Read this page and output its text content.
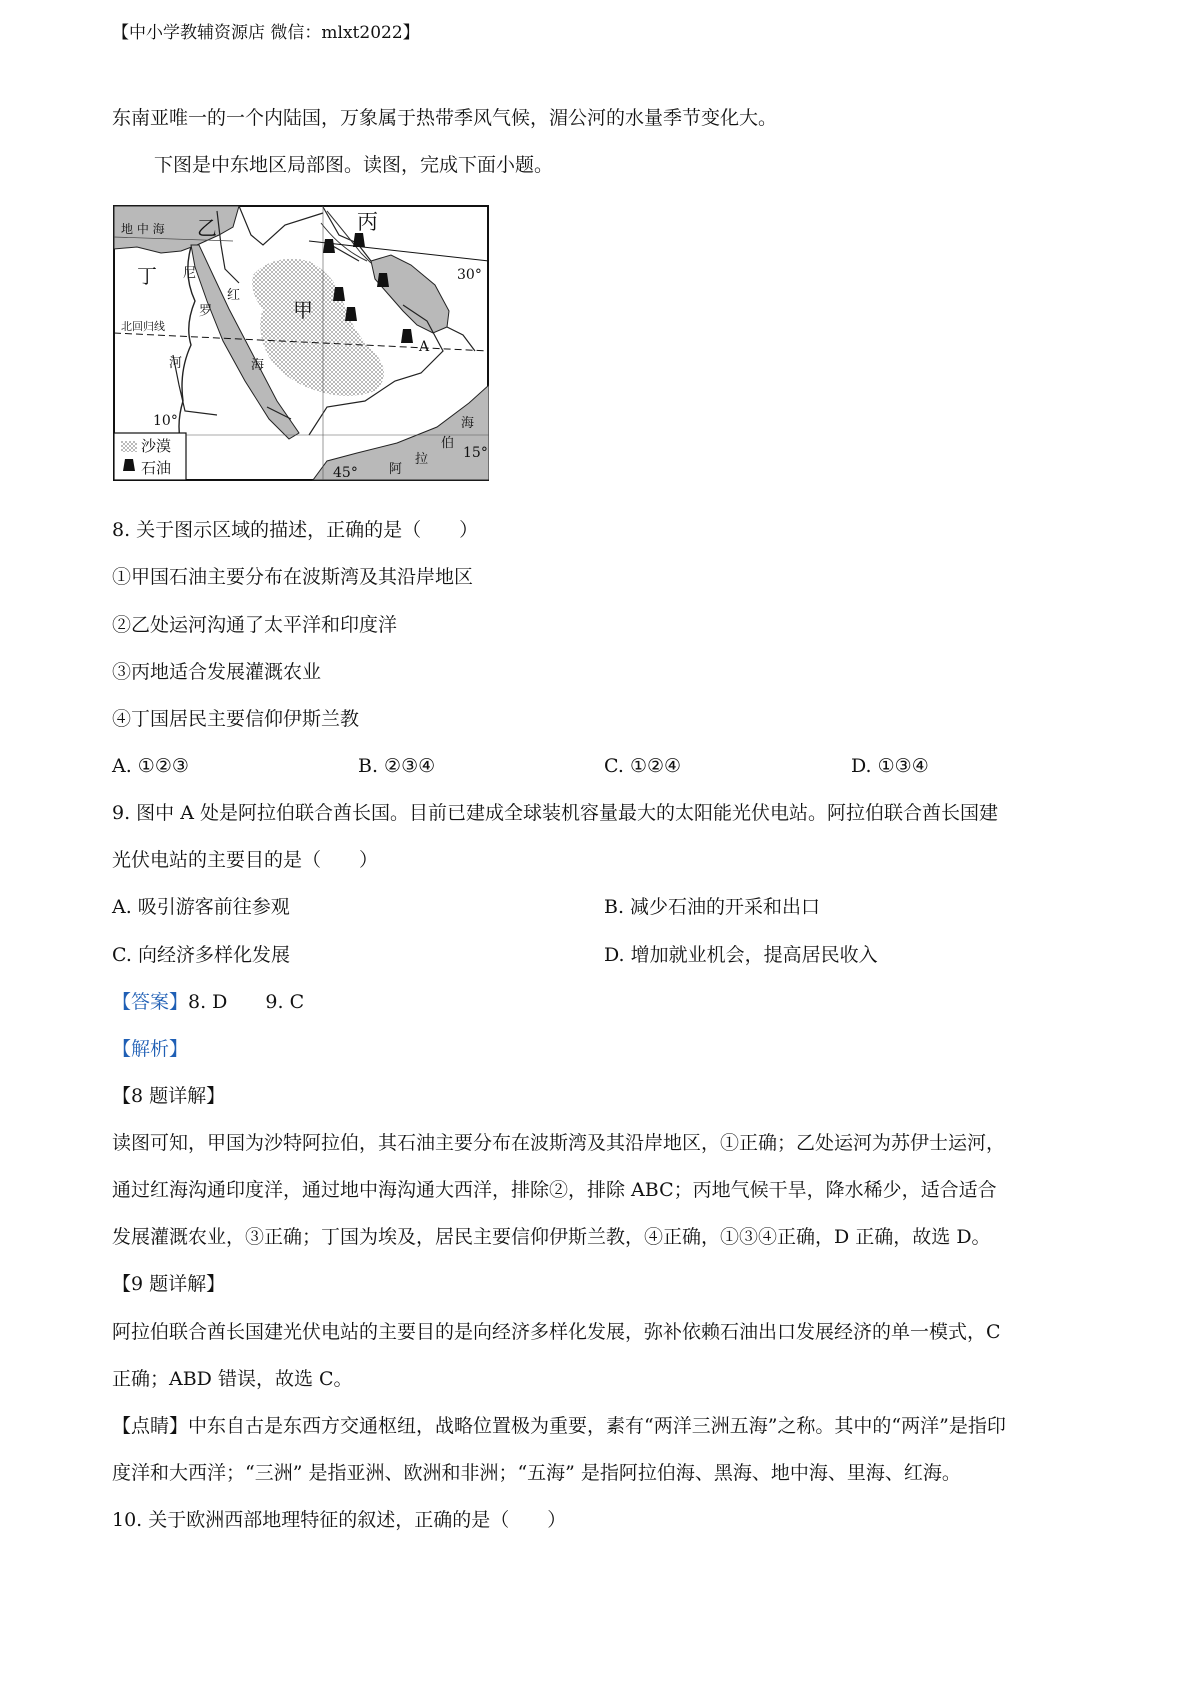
【中小学教辅资源店 微信：mlxt2022】
东南亚唯一的一个内陆国，万象属于热带季风气候，湄公河的水量季节变化大。
下图是中东地区局部图。读图，完成下面小题。
地 中 海 乙	丙
丁
甲
尼
罗
河
红
海
北回归线
30°
10°
15°
45°
A
海
伯
拉
阿
沙漠
石油
8. 关于图示区域的描述，正确的是（　　）
①甲国石油主要分布在波斯湾及其沿岸地区
②乙处运河沟通了太平洋和印度洋
③丙地适合发展灌溉农业
④丁国居民主要信仰伊斯兰教
A. ①②③	B. ②③④	C. ①②④	D. ①③④
9. 图中 A 处是阿拉伯联合酋长国。目前已建成全球装机容量最大的太阳能光伏电站。阿拉伯联合酋长国建
光伏电站的主要目的是（　　）
A. 吸引游客前往参观	B. 减少石油的开采和出口
C. 向经济多样化发展	D. 增加就业机会，提高居民收入
【答案】8. D　　9. C
【解析】
【8 题详解】
读图可知，甲国为沙特阿拉伯，其石油主要分布在波斯湾及其沿岸地区，①正确；乙处运河为苏伊士运河，
通过红海沟通印度洋，通过地中海沟通大西洋，排除②，排除 ABC；丙地气候干旱，降水稀少，适合适合
发展灌溉农业，③正确；丁国为埃及，居民主要信仰伊斯兰教，④正确，①③④正确，D 正确，故选 D。
【9 题详解】
阿拉伯联合酋长国建光伏电站的主要目的是向经济多样化发展，弥补依赖石油出口发展经济的单一模式，C
正确；ABD 错误，故选 C。
【点睛】中东自古是东西方交通枢纽，战略位置极为重要，素有“两洋三洲五海”之称。其中的“两洋”是指印
度洋和大西洋；“三洲” 是指亚洲、欧洲和非洲；“五海” 是指阿拉伯海、黑海、地中海、里海、红海。
10. 关于欧洲西部地理特征的叙述，正确的是（　　）
